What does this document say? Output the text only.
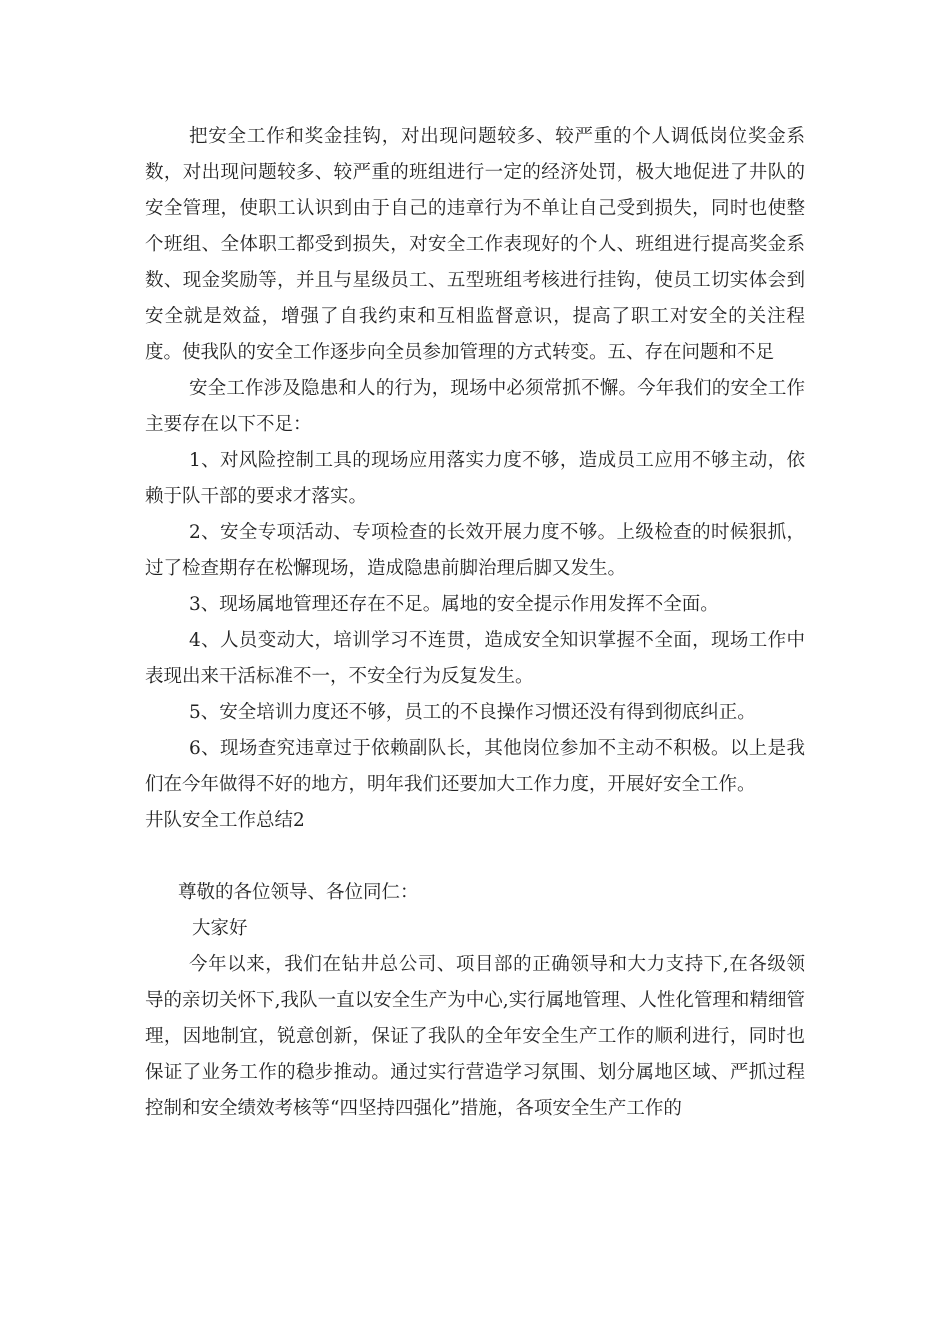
把安全工作和奖金挂钩，对出现问题较多、较严重的个人调低岗位奖金系数，对出现问题较多、较严重的班组进行一定的经济处罚，极大地促进了井队的安全管理，使职工认识到由于自己的违章行为不单让自己受到损失，同时也使整个班组、全体职工都受到损失，对安全工作表现好的个人、班组进行提高奖金系数、现金奖励等，并且与星级员工、五型班组考核进行挂钩，使员工切实体会到安全就是效益，增强了自我约束和互相监督意识，提高了职工对安全的关注程度。使我队的安全工作逐步向全员参加管理的方式转变。五、存在问题和不足

安全工作涉及隐患和人的行为，现场中必须常抓不懈。今年我们的安全工作主要存在以下不足：

1、对风险控制工具的现场应用落实力度不够，造成员工应用不够主动，依赖于队干部的要求才落实。

2、安全专项活动、专项检查的长效开展力度不够。上级检查的时候狠抓，过了检查期存在松懈现场，造成隐患前脚治理后脚又发生。

3、现场属地管理还存在不足。属地的安全提示作用发挥不全面。

4、人员变动大，培训学习不连贯，造成安全知识掌握不全面，现场工作中表现出来干活标准不一，不安全行为反复发生。

5、安全培训力度还不够，员工的不良操作习惯还没有得到彻底纠正。

6、现场查究违章过于依赖副队长，其他岗位参加不主动不积极。以上是我们在今年做得不好的地方，明年我们还要加大工作力度，开展好安全工作。

井队安全工作总结2

尊敬的各位领导、各位同仁：

大家好

今年以来，我们在钻井总公司、项目部的正确领导和大力支持下,在各级领导的亲切关怀下,我队一直以安全生产为中心,实行属地管理、人性化管理和精细管理，因地制宜，锐意创新，保证了我队的全年安全生产工作的顺利进行，同时也保证了业务工作的稳步推动。通过实行营造学习氛围、划分属地区域、严抓过程控制和安全绩效考核等“四坚持四强化”措施，各项安全生产工作的
